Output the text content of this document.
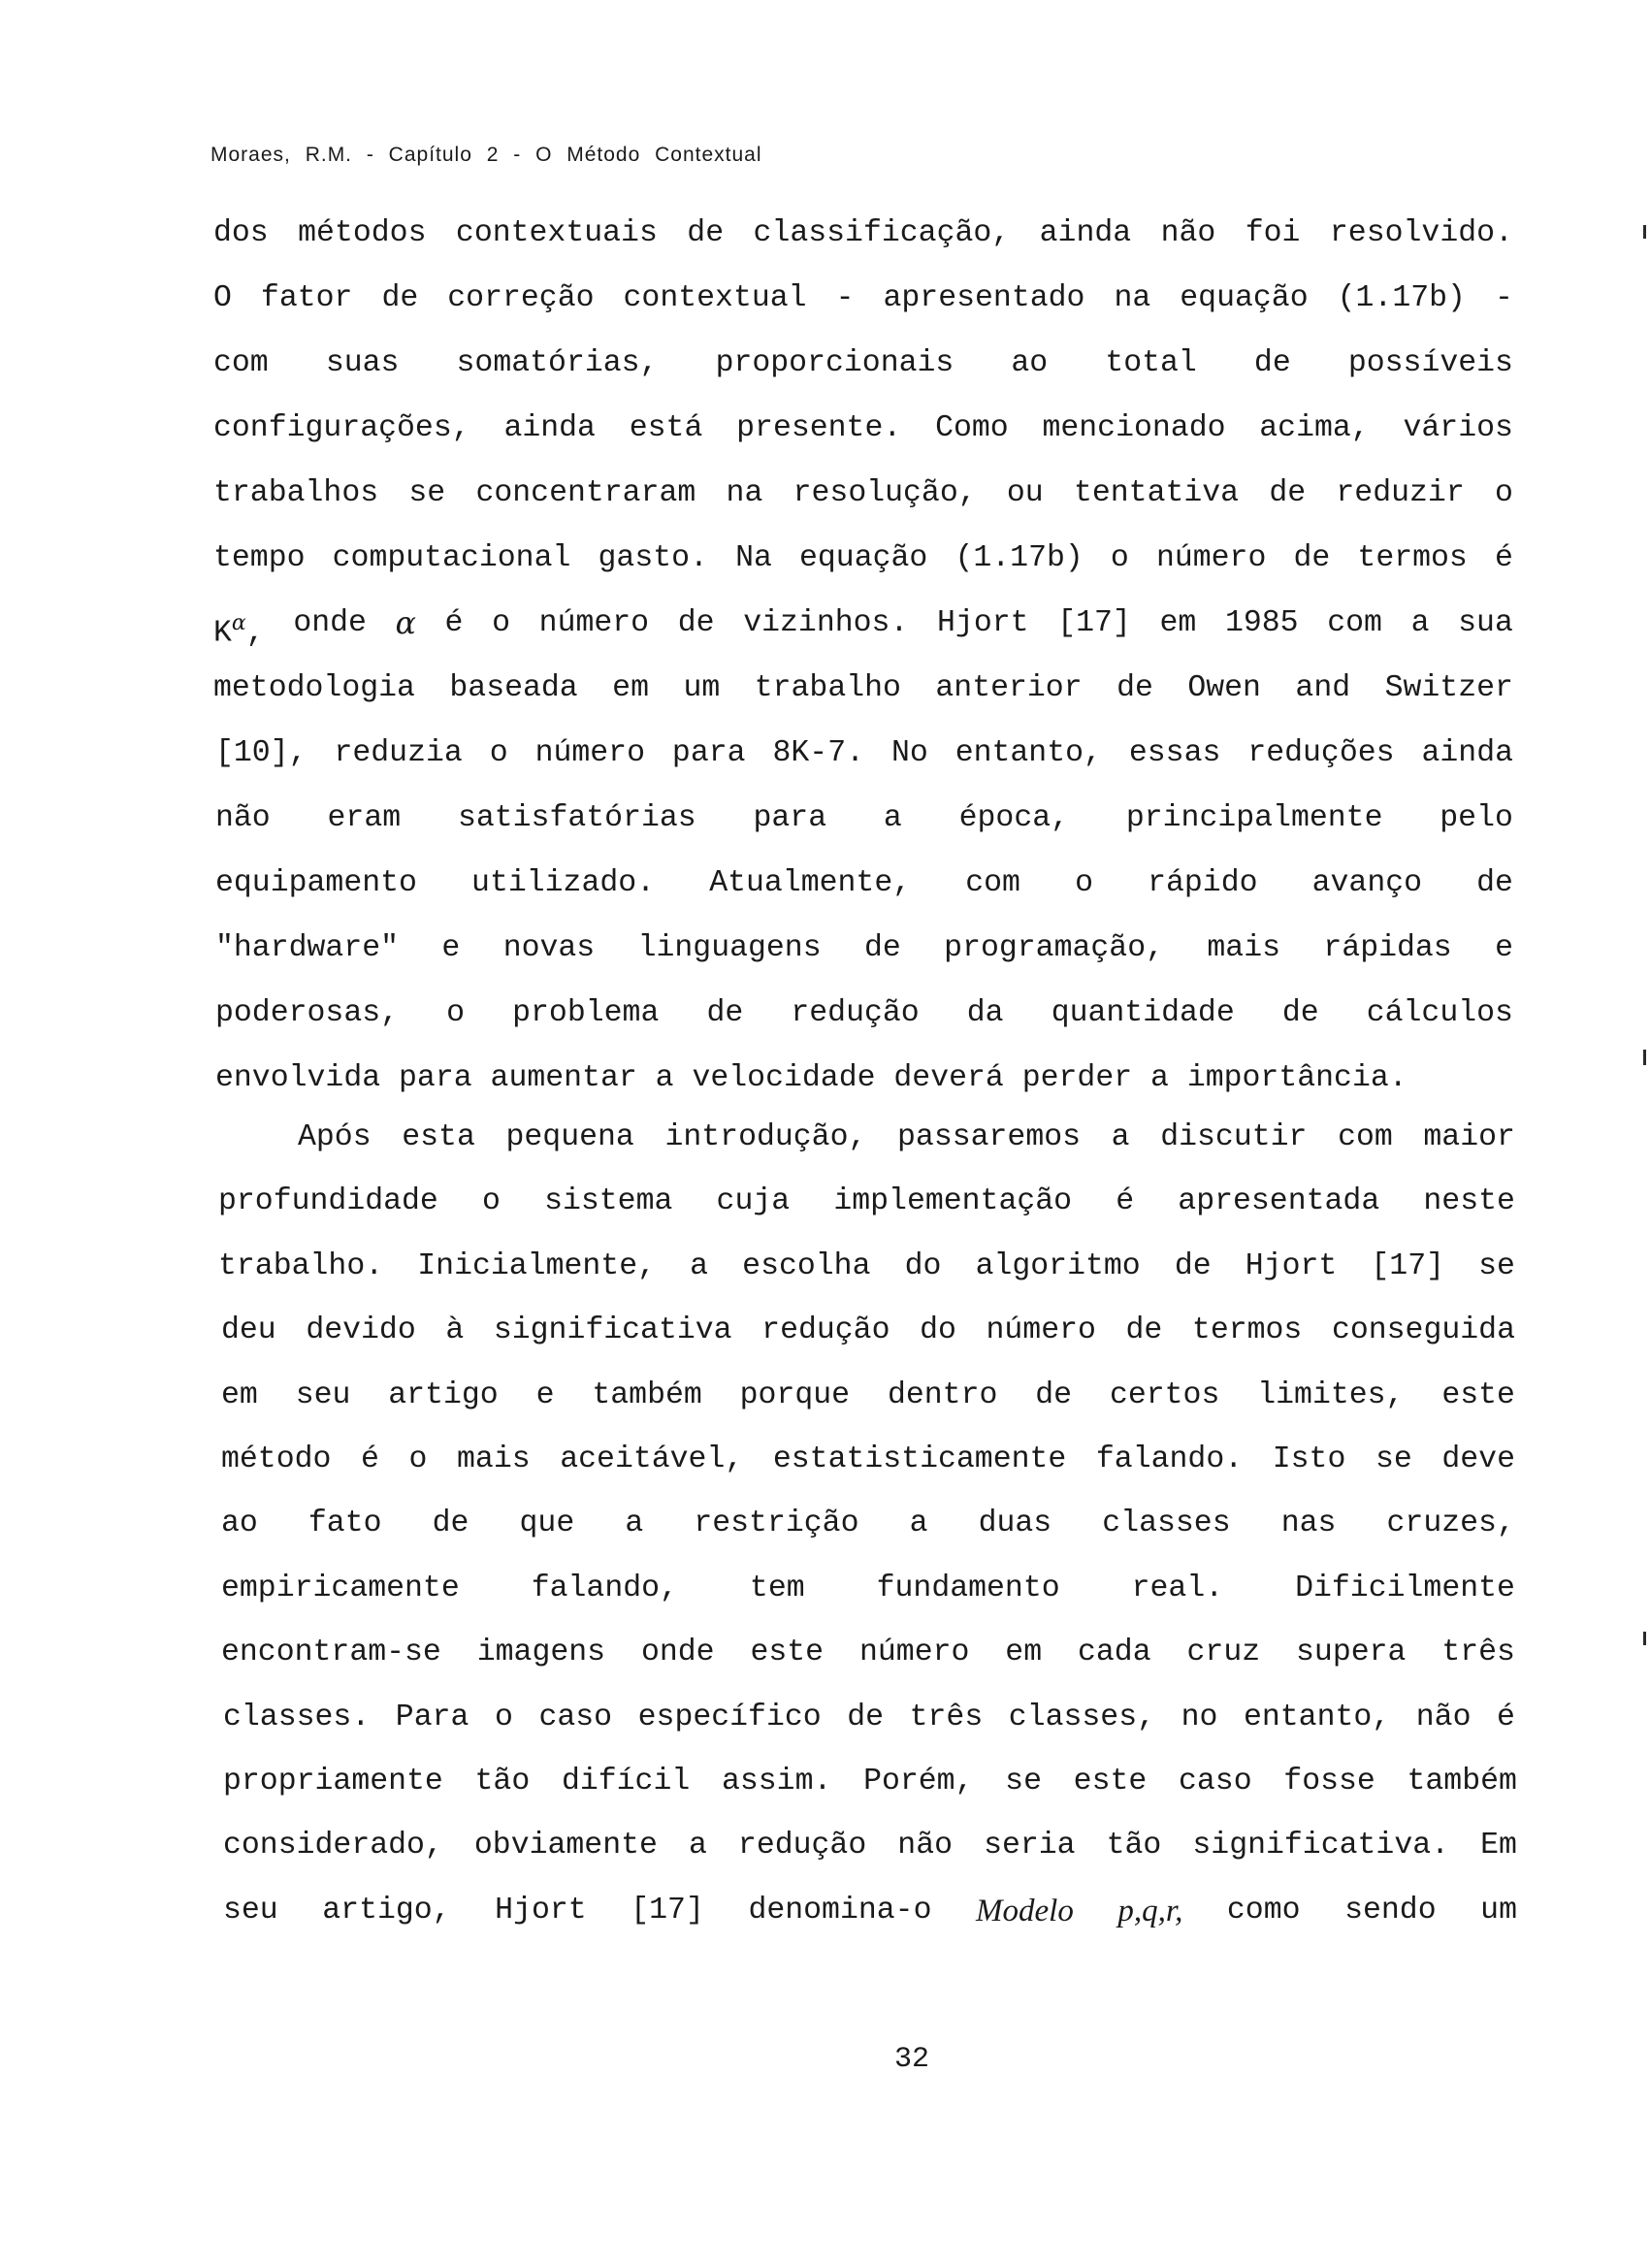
Moraes, R.M. - Capítulo 2 - O Método Contextual
dos métodos contextuais de classificação, ainda não foi resolvido.
O fator de correção contextual - apresentado na equação (1.17b) -
com suas somatórias, proporcionais ao total de possíveis
configurações, ainda está presente. Como mencionado acima, vários
trabalhos se concentraram na resolução, ou tentativa de reduzir o
tempo computacional gasto. Na equação (1.17b) o número de termos é
$K^\alpha$, onde α é o número de vizinhos. Hjort [17] em 1985 com a sua
metodologia baseada em um trabalho anterior de Owen and Switzer
[10], reduzia o número para 8K-7. No entanto, essas reduções ainda
não eram satisfatórias para a época, principalmente pelo
equipamento utilizado. Atualmente, com o rápido avanço de
"hardware" e novas linguagens de programação, mais rápidas e
poderosas, o problema de redução da quantidade de cálculos
envolvida para aumentar a velocidade deverá perder a importância.
Após esta pequena introdução, passaremos a discutir com maior
profundidade o sistema cuja implementação é apresentada neste
trabalho. Inicialmente, a escolha do algoritmo de Hjort [17] se
deu devido à significativa redução do número de termos conseguida
em seu artigo e também porque dentro de certos limites, este
método é o mais aceitável, estatisticamente falando. Isto se deve
ao fato de que a restrição a duas classes nas cruzes,
empiricamente falando, tem fundamento real. Dificilmente
encontram-se imagens onde este número em cada cruz supera três
classes. Para o caso específico de três classes, no entanto, não é
propriamente tão difícil assim. Porém, se este caso fosse também
considerado, obviamente a redução não seria tão significativa. Em
seu artigo, Hjort [17] denomina-o Modelo p,q,r, como sendo um
32
